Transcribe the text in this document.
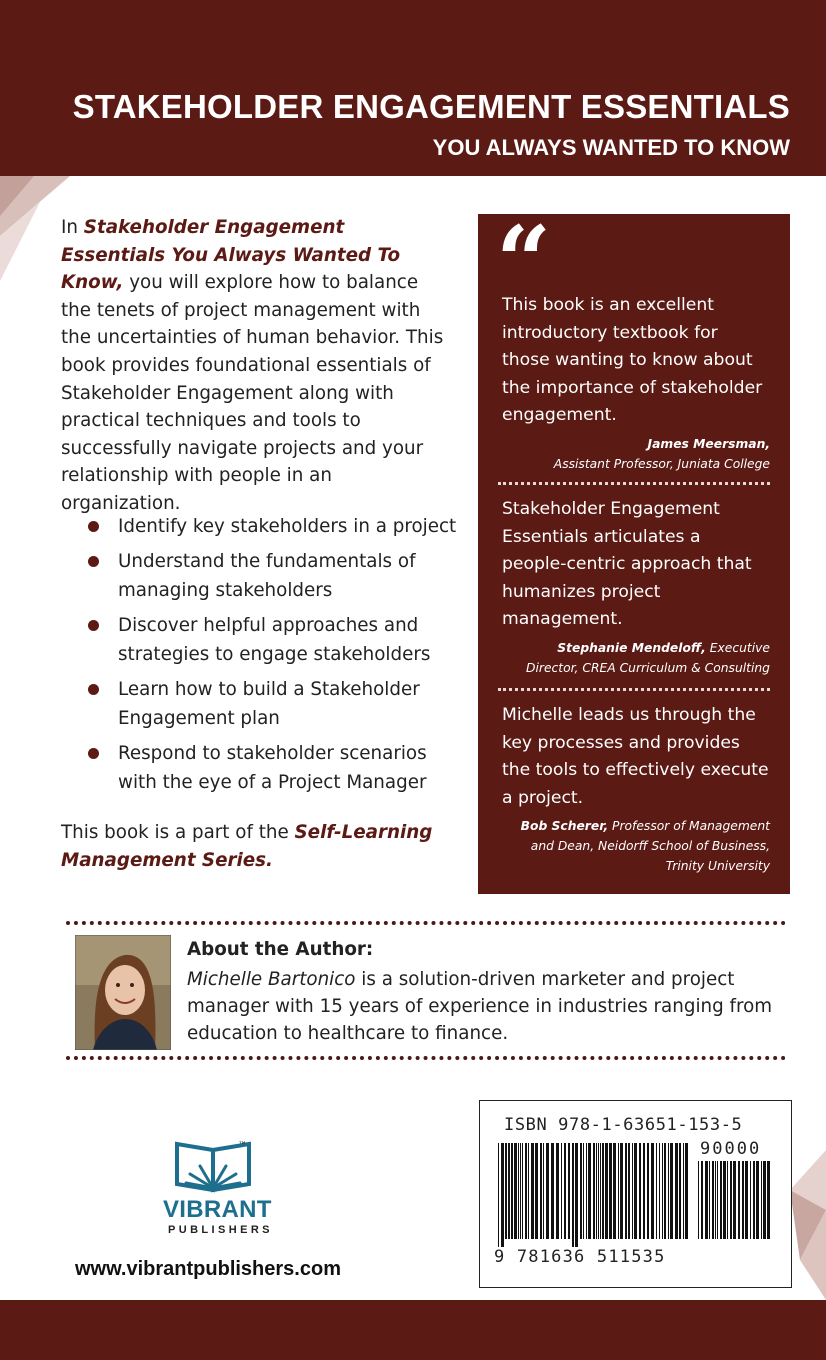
STAKEHOLDER ENGAGEMENT ESSENTIALS
YOU ALWAYS WANTED TO KNOW

In Stakeholder Engagement Essentials You Always Wanted To Know, you will explore how to balance the tenets of project management with the uncertainties of human behavior. This book provides foundational essentials of Stakeholder Engagement along with practical techniques and tools to successfully navigate projects and your relationship with people in an organization.

Identify key stakeholders in a project
Understand the fundamentals of managing stakeholders
Discover helpful approaches and strategies to engage stakeholders
Learn how to build a Stakeholder Engagement plan
Respond to stakeholder scenarios with the eye of a Project Manager

This book is a part of the Self-Learning Management Series.

“

This book is an excellent introductory textbook for those wanting to know about the importance of stakeholder engagement.

James Meersman,
Assistant Professor, Juniata College

Stakeholder Engagement Essentials articulates a people-centric approach that humanizes project management.

Stephanie Mendeloff, Executive Director, CREA Curriculum & Consulting

Michelle leads us through the key processes and provides the tools to effectively execute a project.

Bob Scherer, Professor of Management and Dean, Neidorff School of Business, Trinity University

About the Author:

Michelle Bartonico is a solution-driven marketer and project manager with 15 years of experience in industries ranging from education to healthcare to finance.

™

VIBRANT

PUBLISHERS

www.vibrantpublishers.com

ISBN 978-1-63651-153-5

90000

9 781636 511535
